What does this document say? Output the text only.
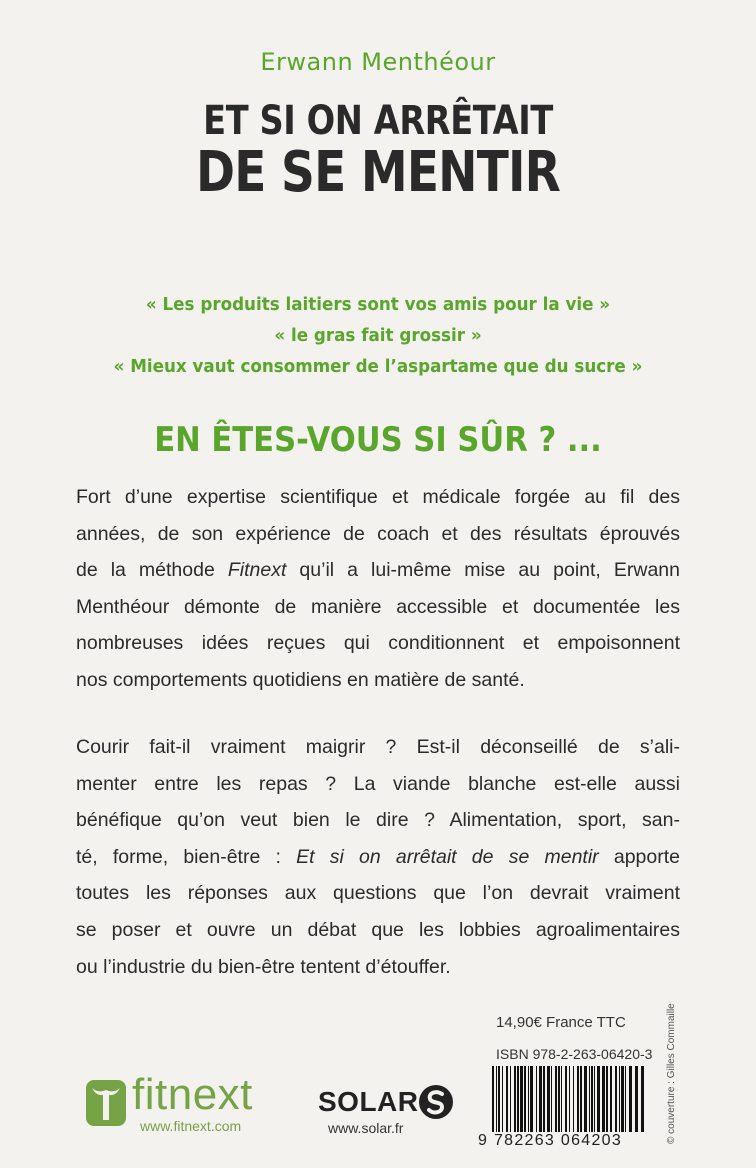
Erwann Menthéour
ET SI ON ARRÊTAIT
DE SE MENTIR
« Les produits laitiers sont vos amis pour la vie »
« le gras fait grossir »
« Mieux vaut consommer de l’aspartame que du sucre »
EN ÊTES-VOUS SI SÛR ? ...
Fort d’une expertise scientifique et médicale forgée au fil des
années, de son expérience de coach et des résultats éprouvés
de la méthode Fitnext qu’il a lui-même mise au point, Erwann
Menthéour démonte de manière accessible et documentée les
nombreuses idées reçues qui conditionnent et empoisonnent
nos comportements quotidiens en matière de santé.
Courir fait-il vraiment maigrir ? Est-il déconseillé de s’ali-
menter entre les repas ? La viande blanche est-elle aussi
bénéfique qu’on veut bien le dire ? Alimentation, sport, san-
té, forme, bien-être : Et si on arrêtait de se mentir apporte
toutes les réponses aux questions que l’on devrait vraiment
se poser et ouvre un débat que les lobbies agroalimentaires
ou l’industrie du bien-être tentent d’étouffer.
14,90€ France TTC
ISBN 978-2-263-06420-3
9 782263 064203	© couverture : Gilles Commaille
fitnext
www.fitnext.com
SOLAR
www.solar.fr
